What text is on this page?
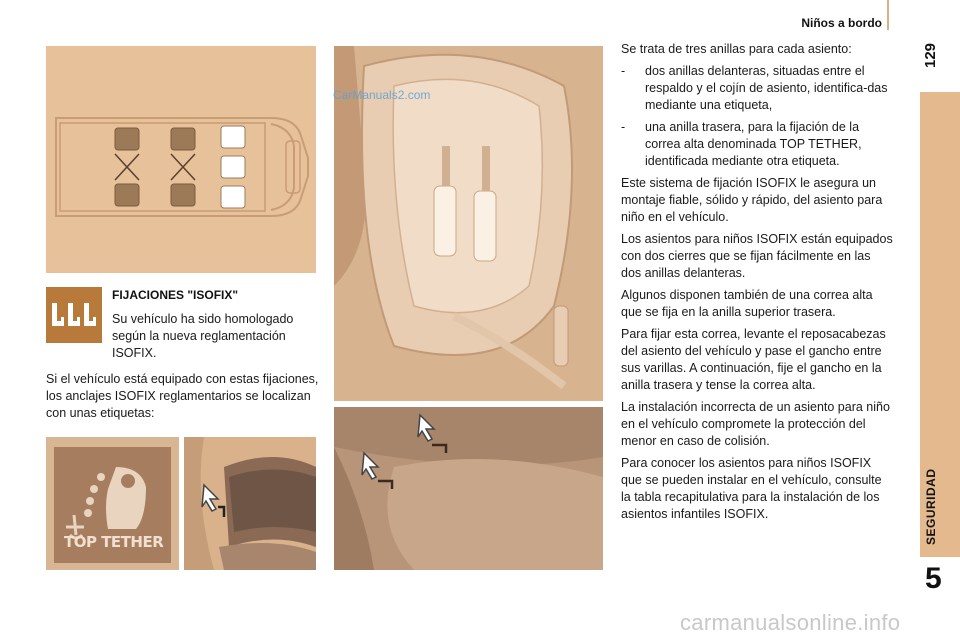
Niños a bordo
129
SEGURIDAD
5
CarManuals2.com
TOP TETHER
FIJACIONES "ISOFIX"
Su vehículo ha sido homologado según la nueva reglamentación ISOFIX.
Si el vehículo está equipado con estas fijaciones, los anclajes ISOFIX reglamentarios se localizan con unas etiquetas:

Se trata de tres anillas para cada asiento:

- dos anillas delanteras, situadas entre el respaldo y el cojín de asiento, identifica-das mediante una etiqueta,
- una anilla trasera, para la fijación de la correa alta denominada TOP TETHER, identificada mediante otra etiqueta.

Este sistema de fijación ISOFIX le asegura un montaje fiable, sólido y rápido, del asiento para niño en el vehículo.

Los asientos para niños ISOFIX están equipados con dos cierres que se fijan fácilmente en las dos anillas delanteras.

Algunos disponen también de una correa alta que se fija en la anilla superior trasera.

Para fijar esta correa, levante el reposacabezas del asiento del vehículo y pase el gancho entre sus varillas. A continuación, fije el gancho en la anilla trasera y tense la correa alta.

La instalación incorrecta de un asiento para niño en el vehículo compromete la protección del menor en caso de colisión.

Para conocer los asientos para niños ISOFIX que se pueden instalar en el vehículo, consulte la tabla recapitulativa para la instalación de los asientos infantiles ISOFIX.

carmanualsonline.info
